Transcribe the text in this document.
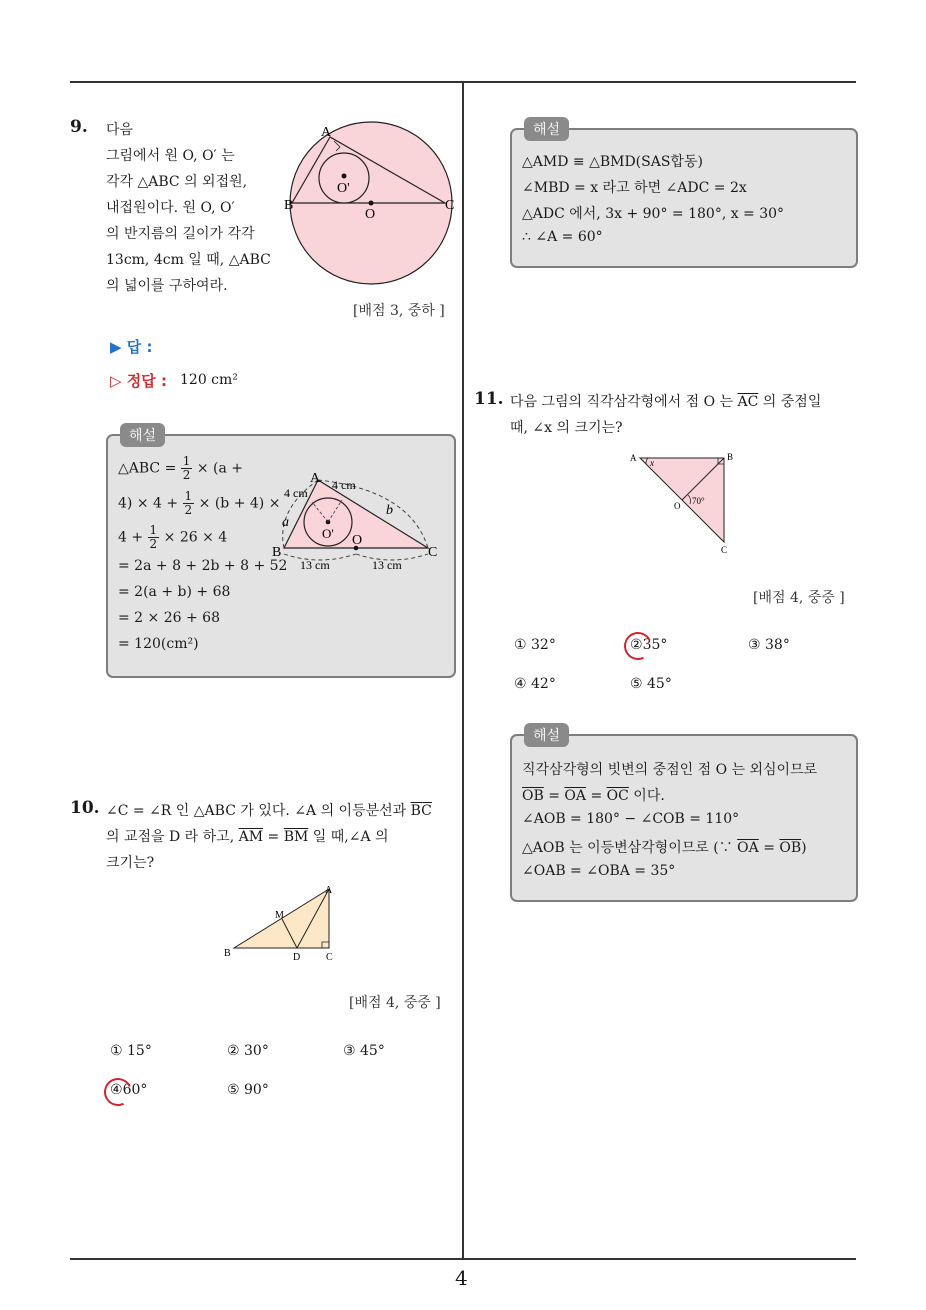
4
9. 다음
그림에서 원 O, O′ 는
각각 △ABC 의 외접원,
내접원이다. 원 O, O′
의 반지름의 길이가 각각
13cm, 4cm 일 때, △ABC
의 넓이를 구하여라.
A
B	C
O
O'
[배점 3, 중하 ]
▶ 답 :
▷ 정답 : 120 cm²
해설
△ABC = $\frac{1}{2} \times (a$ +
$4) \times 4 + \frac{1}{2} \times (b + 4)$ ×
$4 + \frac{1}{2} \times 26 \times 4$
= 2a + 8 + 2b + 8 + 52
= 2(a + b) + 68
= 2 × 26 + 68
= 120(cm²)
A
B	C
O
O'
a
b
4 cm
4 cm
13 cm	13 cm
10. ∠C = ∠R 인 △ABC 가 있다. ∠A 의 이등분선과 $\overline{BC}$
의 교점을 D 라 하고, $\overline{AM} = \overline{BM}$ 일 때,∠A 의
크기는?
A
B	C
D
M
[배점 4, 중중 ]
① 15°	② 30°	③ 45°
④60°	⑤ 90°
해설
△AMD ≡ △BMD(SAS합동)
∠MBD = x 라고 하면 ∠ADC = 2x
△ADC 에서, 3x + 90° = 180°, x = 30°
∴ ∠A = 60°
11. 다음 그림의 직각삼각형에서 점 O 는 $\overline{AC}$ 의 중점일
때, ∠x 의 크기는?
A	B
C
O
x
70°
[배점 4, 중중 ]
① 32°	②35°	③ 38°
④ 42°	⑤ 45°
해설
직각삼각형의 빗변의 중점인 점 O 는 외심이므로
$\overline{OB} = \overline{OA} = \overline{OC}$ 이다.
∠AOB = 180° − ∠COB = 110°
△AOB 는 이등변삼각형이므로 (∵ $\overline{OA} = \overline{OB}$)
∠OAB = ∠OBA = 35°
